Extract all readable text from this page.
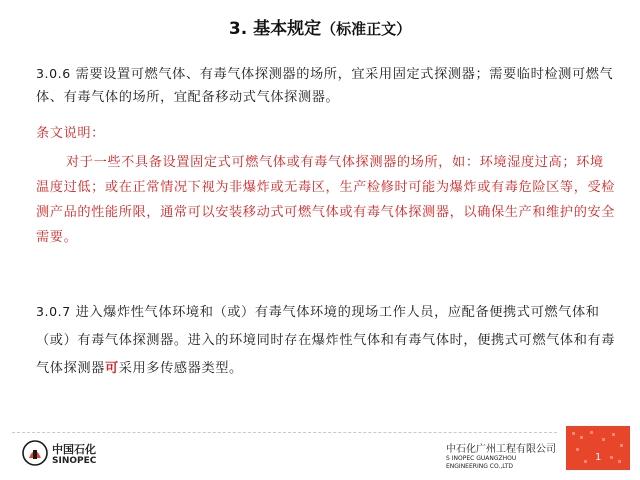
3. 基本规定（标准正文）
3.0.6 需要设置可燃气体、有毒气体探测器的场所，宜采用固定式探测器；需要临时检测可燃气体、有毒气体的场所，宜配备移动式气体探测器。
条文说明：
对于一些不具备设置固定式可燃气体或有毒气体探测器的场所，如：环境湿度过高；环境温度过低；或在正常情况下视为非爆炸或无毒区，生产检修时可能为爆炸或有毒危险区等，受检测产品的性能所限，通常可以安装移动式可燃气体或有毒气体探测器，以确保生产和维护的安全需要。
3.0.7 进入爆炸性气体环境和（或）有毒气体环境的现场工作人员，应配备便携式可燃气体和（或）有毒气体探测器。进入的环境同时存在爆炸性气体和有毒气体时，便携式可燃气体和有毒气体探测器可采用多传感器类型。
中国石化
SINOPEC
中石化广州工程有限公司
S INOPEC GUANGZHOU ENGINEERING CO.,LTD
1
